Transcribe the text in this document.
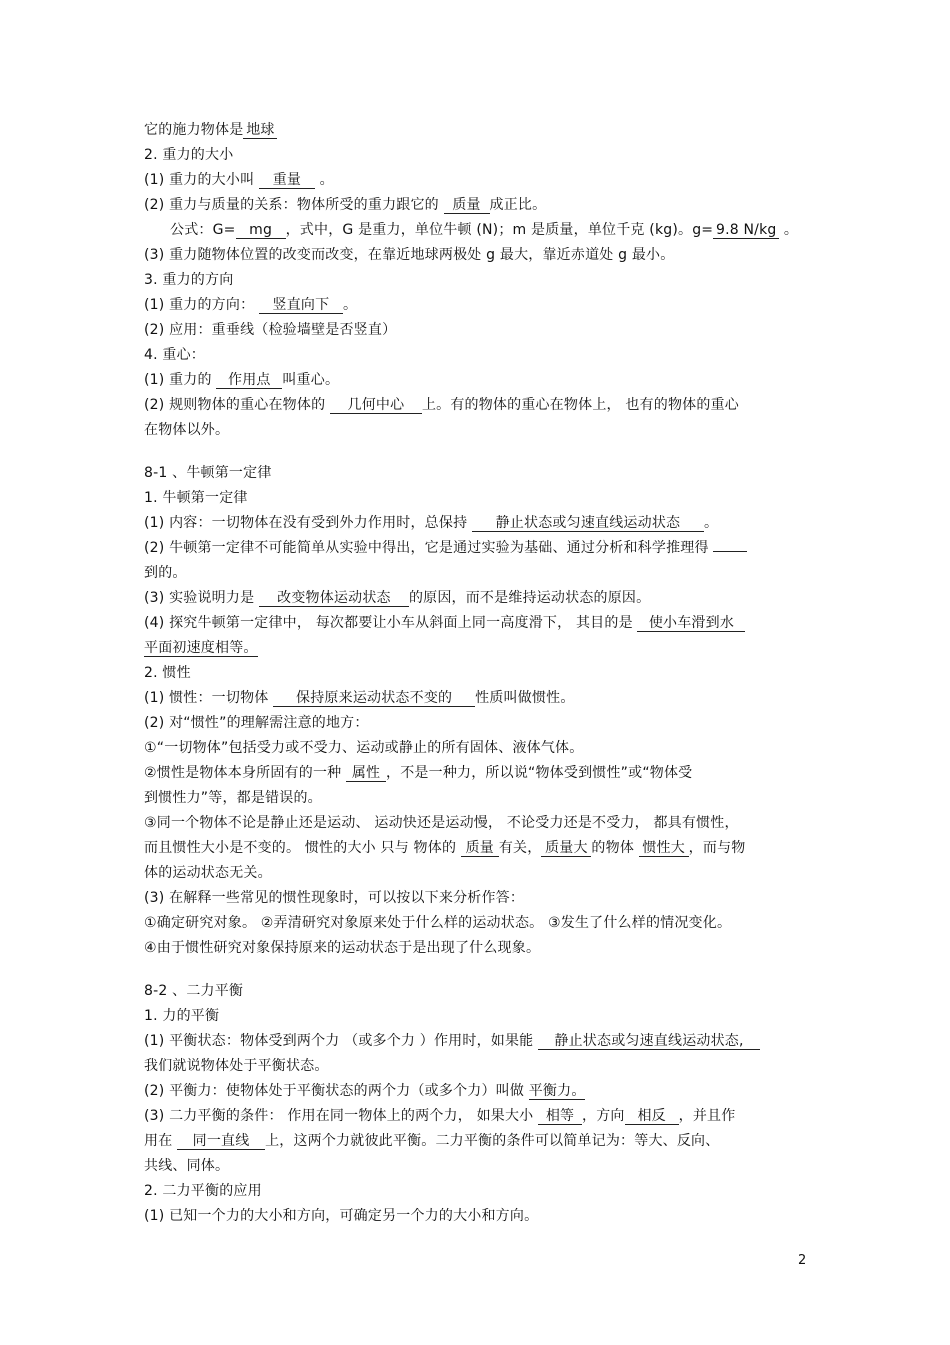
它的施力物体是 地球
2. 重力的大小
(1) 重力的大小叫 重量 。
(2) 重力与质量的关系：物体所受的重力跟它的 质量 成正比。
公式：G= mg ，式中，G 是重力，单位牛顿 (N)；m 是质量，单位千克 (kg)。g= 9.8 N/kg 。
(3) 重力随物体位置的改变而改变，在靠近地球两极处 g 最大，靠近赤道处 g 最小。
3. 重力的方向
(1) 重力的方向： 竖直向下 。
(2) 应用：重垂线（检验墙壁是否竖直）
4. 重心：
(1) 重力的 作用点 叫重心。
(2) 规则物体的重心在物体的 几何中心 上。有的物体的重心在物体上， 也有的物体的重心
在物体以外。
8-1 、牛顿第一定律
1. 牛顿第一定律
(1) 内容：一切物体在没有受到外力作用时，总保持 静止状态或匀速直线运动状态 。
(2) 牛顿第一定律不可能简单从实验中得出，它是通过实验为基础、通过分析和科学推理得
到的。
(3) 实验说明力是 改变物体运动状态 的原因，而不是维持运动状态的原因。
(4) 探究牛顿第一定律中， 每次都要让小车从斜面上同一高度滑下， 其目的是 使小车滑到水
平面初速度相等。
2. 惯性
(1) 惯性：一切物体 保持原来运动状态不变的 性质叫做惯性。
(2) 对“惯性”的理解需注意的地方：
①“一切物体”包括受力或不受力、运动或静止的所有固体、液体气体。
②惯性是物体本身所固有的一种 属性 ，不是一种力，所以说“物体受到惯性”或“物体受
到惯性力”等，都是错误的。
③同一个物体不论是静止还是运动、 运动快还是运动慢， 不论受力还是不受力， 都具有惯性，
而且惯性大小是不变的。 惯性的大小 只与 物体的 质量 有关， 质量大 的物体 惯性大 ，而与物
体的运动状态无关。
(3) 在解释一些常见的惯性现象时，可以按以下来分析作答：
①确定研究对象。 ②弄清研究对象原来处于什么样的运动状态。 ③发生了什么样的情况变化。
④由于惯性研究对象保持原来的运动状态于是出现了什么现象。
8-2 、二力平衡
1. 力的平衡
(1) 平衡状态：物体受到两个力 （或多个力 ）作用时，如果能 静止状态或匀速直线运动状态,
我们就说物体处于平衡状态。
(2) 平衡力：使物体处于平衡状态的两个力（或多个力）叫做 平衡力。
(3) 二力平衡的条件： 作用在同一物体上的两个力， 如果大小 相等 ，方向 相反 ，并且作
用在 同一直线 上，这两个力就彼此平衡。二力平衡的条件可以简单记为：等大、反向、
共线、同体。
2. 二力平衡的应用
(1) 已知一个力的大小和方向，可确定另一个力的大小和方向。
2
